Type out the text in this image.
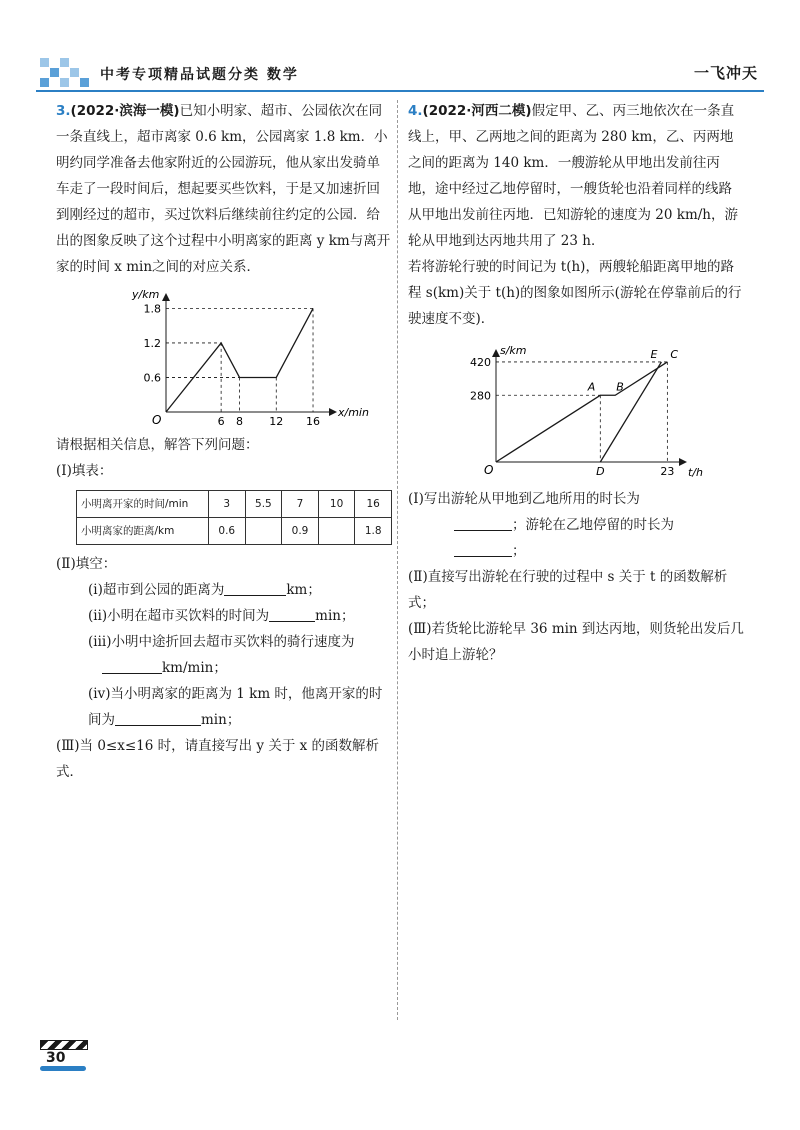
中考专项精品试题分类 数学	一飞冲天

3.(2022·滨海一模)已知小明家、超市、公园依次在同一条直线上，超市离家 0.6 km，公园离家 1.8 km．小明约同学准备去他家附近的公园游玩，他从家出发骑单车走了一段时间后，想起要买些饮料，于是又加速折回到刚经过的超市，买过饮料后继续前往约定的公园．给出的图象反映了这个过程中小明离家的距离 y km与离开家的时间 x min之间的对应关系．

6 8 12 16
0.6
1.2
1.8
x/min
y/km
O

请根据相关信息，解答下列问题：

(Ⅰ)填表：

小明离开家的时间/min	3	5.5	7	10	16
小明离家的距离/km	0.6		0.9		1.8

(Ⅱ)填空：

(ⅰ)超市到公园的距离为	km；

(ⅱ)小明在超市买饮料的时间为	min；

(ⅲ)小明中途折回去超市买饮料的骑行速度为

km/min；

(ⅳ)当小明离家的距离为 1 km 时，他离开家的时间为	min；

(Ⅲ)当 0≤x≤16 时，请直接写出 y 关于 x 的函数解析式．

4.(2022·河西二模)假定甲、乙、丙三地依次在一条直线上，甲、乙两地之间的距离为 280 km，乙、丙两地之间的距离为 140 km．一艘游轮从甲地出发前往丙地，途中经过乙地停留时，一艘货轮也沿着同样的线路从甲地出发前往丙地．已知游轮的速度为 20 km/h，游轮从甲地到达丙地共用了 23 h．

若将游轮行驶的时间记为 t(h)，两艘轮船距离甲地的路程 s(km)关于 t(h)的图象如图所示(游轮在停靠前后的行驶速度不变)．

23
280
420
A B
C
D
E
t/h
s/km
O

(Ⅰ)写出游轮从甲地到乙地所用的时长为

；游轮在乙地停留的时长为

；

(Ⅱ)直接写出游轮在行驶的过程中 s 关于 t 的函数解析式；

(Ⅲ)若货轮比游轮早 36 min 到达丙地，则货轮出发后几小时追上游轮？

30
